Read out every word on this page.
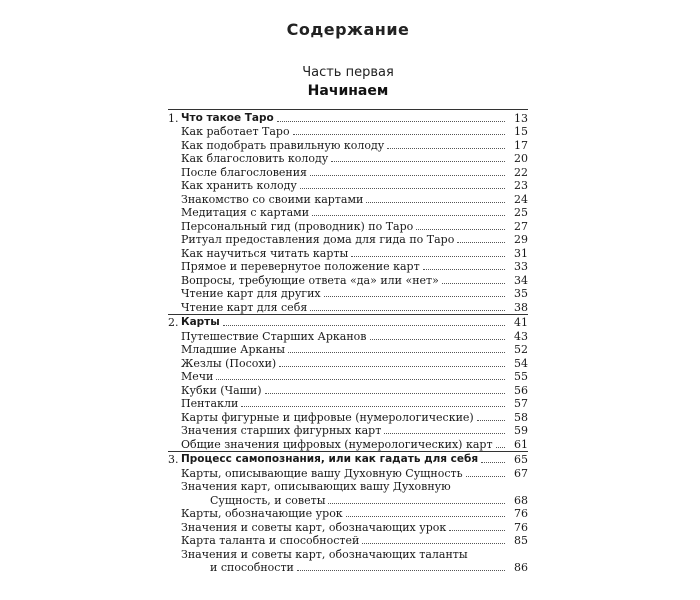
Содержание

Часть первая

Начинаем

1. Что такое Таро	13
Как работает Таро	15
Как подобрать правильную колоду	17
Как благословить колоду	20
После благословения	22
Как хранить колоду	23
Знакомство со своими картами	24
Медитация с картами	25
Персональный гид (проводник) по Таро	27
Ритуал предоставления дома для гида по Таро	29
Как научиться читать карты	31
Прямое и перевернутое положение карт	33
Вопросы, требующие ответа «да» или «нет»	34
Чтение карт для других	35
Чтение карт для себя	38
2. Карты	41
Путешествие Старших Арканов	43
Младшие Арканы	52
Жезлы (Посохи)	54
Мечи	55
Кубки (Чаши)	56
Пентакли	57
Карты фигурные и цифровые (нумерологические)	58
Значения старших фигурных карт	59
Общие значения цифровых (нумерологических) карт	61
3. Процесс самопознания, или как гадать для себя	65
Карты, описывающие вашу Духовную Сущность	67
Значения карт, описывающих вашу Духовную
Сущность, и советы	68
Карты, обозначающие урок	76
Значения и советы карт, обозначающих урок	76
Карта таланта и способностей	85
Значения и советы карт, обозначающих таланты
и способности	86
